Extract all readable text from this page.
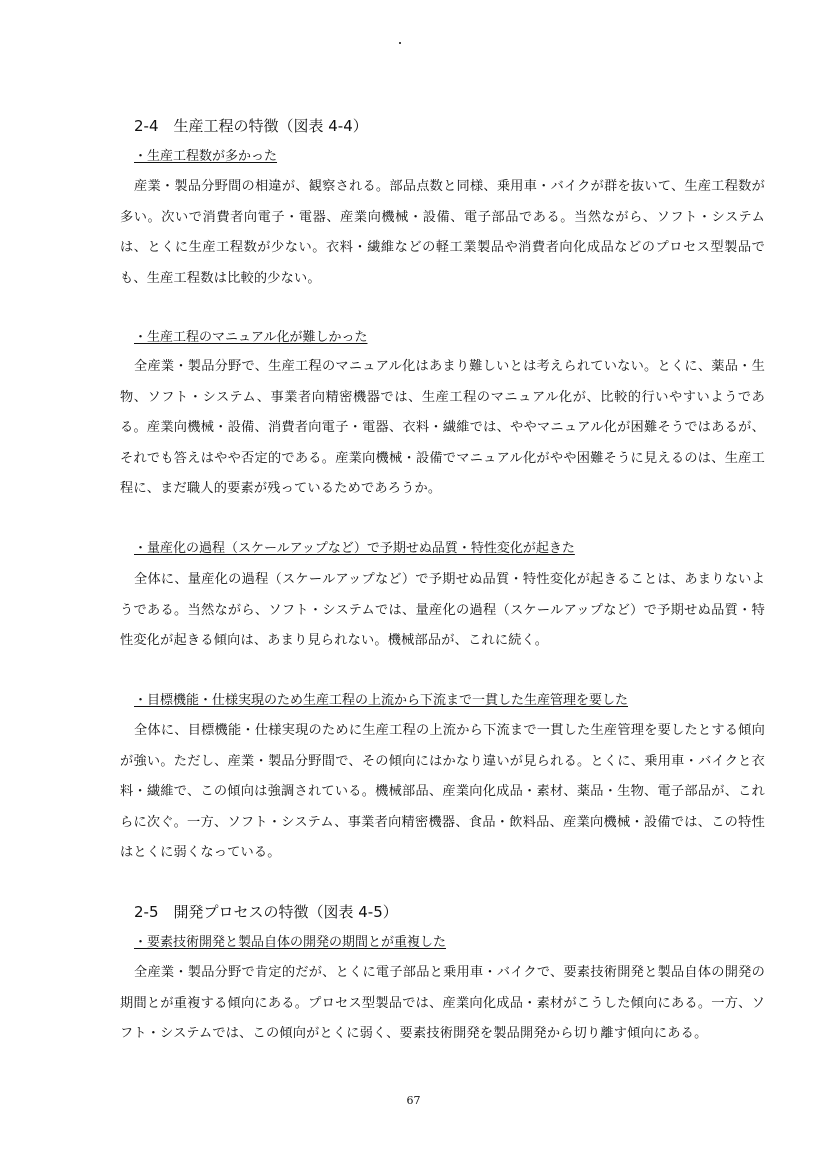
2-4　生産工程の特徴（図表 4-4）
・生産工程数が多かった
産業・製品分野間の相違が、観察される。部品点数と同様、乗用車・バイクが群を抜いて、生産工程数が多い。次いで消費者向電子・電器、産業向機械・設備、電子部品である。当然ながら、ソフト・システムは、とくに生産工程数が少ない。衣料・繊維などの軽工業製品や消費者向化成品などのプロセス型製品でも、生産工程数は比較的少ない。
・生産工程のマニュアル化が難しかった
全産業・製品分野で、生産工程のマニュアル化はあまり難しいとは考えられていない。とくに、薬品・生物、ソフト・システム、事業者向精密機器では、生産工程のマニュアル化が、比較的行いやすいようである。産業向機械・設備、消費者向電子・電器、衣料・繊維では、ややマニュアル化が困難そうではあるが、それでも答えはやや否定的である。産業向機械・設備でマニュアル化がやや困難そうに見えるのは、生産工程に、まだ職人的要素が残っているためであろうか。
・量産化の過程（スケールアップなど）で予期せぬ品質・特性変化が起きた
全体に、量産化の過程（スケールアップなど）で予期せぬ品質・特性変化が起きることは、あまりないようである。当然ながら、ソフト・システムでは、量産化の過程（スケールアップなど）で予期せぬ品質・特性変化が起きる傾向は、あまり見られない。機械部品が、これに続く。
・目標機能・仕様実現のため生産工程の上流から下流まで一貫した生産管理を要した
全体に、目標機能・仕様実現のために生産工程の上流から下流まで一貫した生産管理を要したとする傾向が強い。ただし、産業・製品分野間で、その傾向にはかなり違いが見られる。とくに、乗用車・バイクと衣料・繊維で、この傾向は強調されている。機械部品、産業向化成品・素材、薬品・生物、電子部品が、これらに次ぐ。一方、ソフト・システム、事業者向精密機器、食品・飲料品、産業向機械・設備では、この特性はとくに弱くなっている。
2-5　開発プロセスの特徴（図表 4-5）
・要素技術開発と製品自体の開発の期間とが重複した
全産業・製品分野で肯定的だが、とくに電子部品と乗用車・バイクで、要素技術開発と製品自体の開発の期間とが重複する傾向にある。プロセス型製品では、産業向化成品・素材がこうした傾向にある。一方、ソフト・システムでは、この傾向がとくに弱く、要素技術開発を製品開発から切り離す傾向にある。
67
